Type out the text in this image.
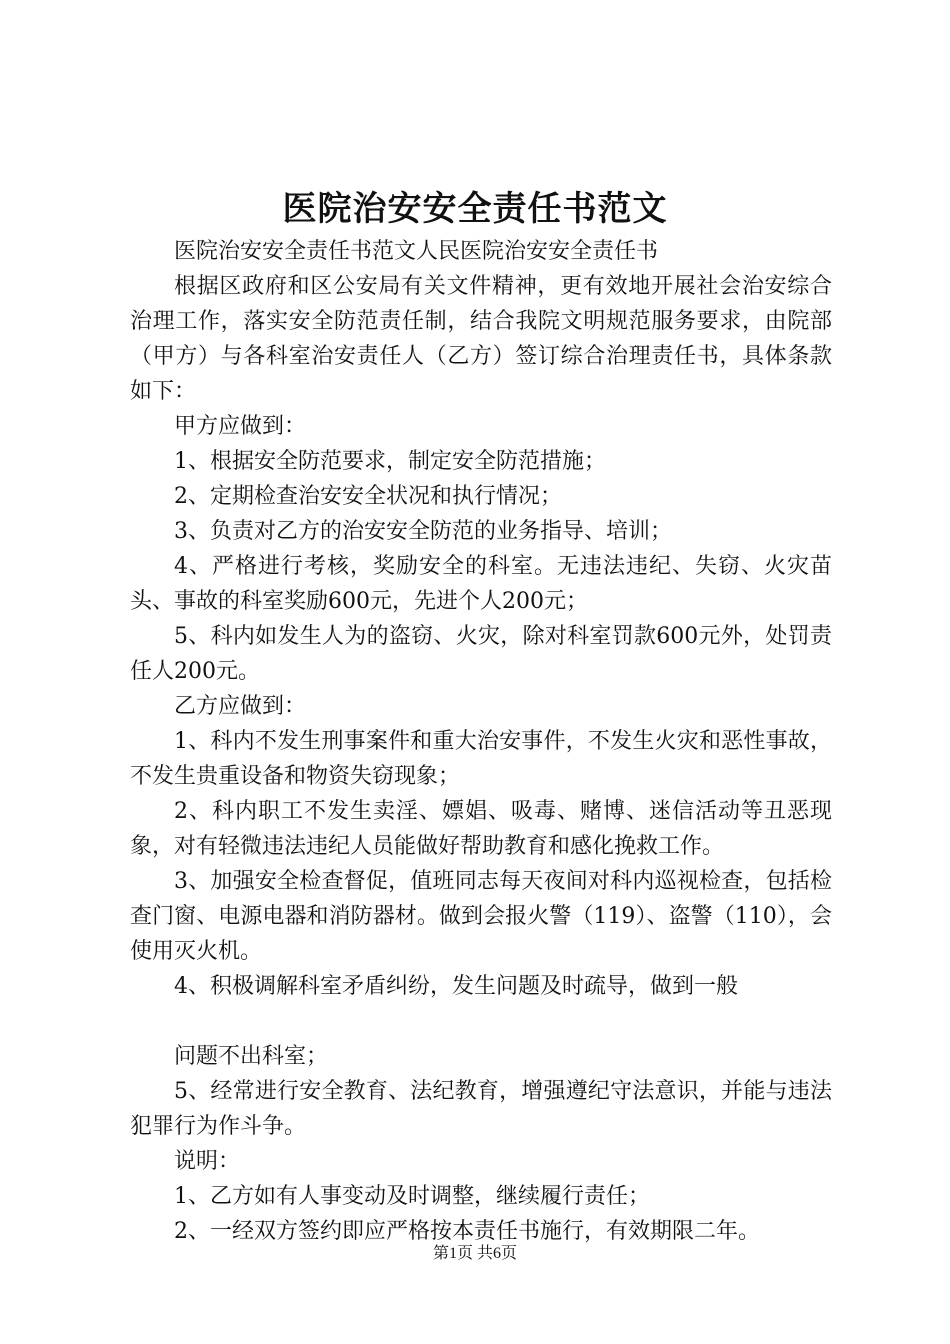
医院治安安全责任书范文

医院治安安全责任书范文人民医院治安安全责任书

根据区政府和区公安局有关文件精神，更有效地开展社会治安综合治理工作，落实安全防范责任制，结合我院文明规范服务要求，由院部（甲方）与各科室治安责任人（乙方）签订综合治理责任书，具体条款如下：

甲方应做到：

1、根据安全防范要求，制定安全防范措施；

2、定期检查治安安全状况和执行情况；

3、负责对乙方的治安安全防范的业务指导、培训；

4、严格进行考核，奖励安全的科室。无违法违纪、失窃、火灾苗头、事故的科室奖励600元，先进个人200元；

5、科内如发生人为的盗窃、火灾，除对科室罚款600元外，处罚责任人200元。

乙方应做到：

1、科内不发生刑事案件和重大治安事件，不发生火灾和恶性事故，不发生贵重设备和物资失窃现象；

2、科内职工不发生卖淫、嫖娼、吸毒、赌博、迷信活动等丑恶现象，对有轻微违法违纪人员能做好帮助教育和感化挽救工作。

3、加强安全检查督促，值班同志每天夜间对科内巡视检查，包括检查门窗、电源电器和消防器材。做到会报火警（119）、盗警（110），会使用灭火机。

4、积极调解科室矛盾纠纷，发生问题及时疏导，做到一般

问题不出科室；

5、经常进行安全教育、法纪教育，增强遵纪守法意识，并能与违法犯罪行为作斗争。

说明：

1、乙方如有人事变动及时调整，继续履行责任；

2、一经双方签约即应严格按本责任书施行，有效期限二年。

第1页 共6页
